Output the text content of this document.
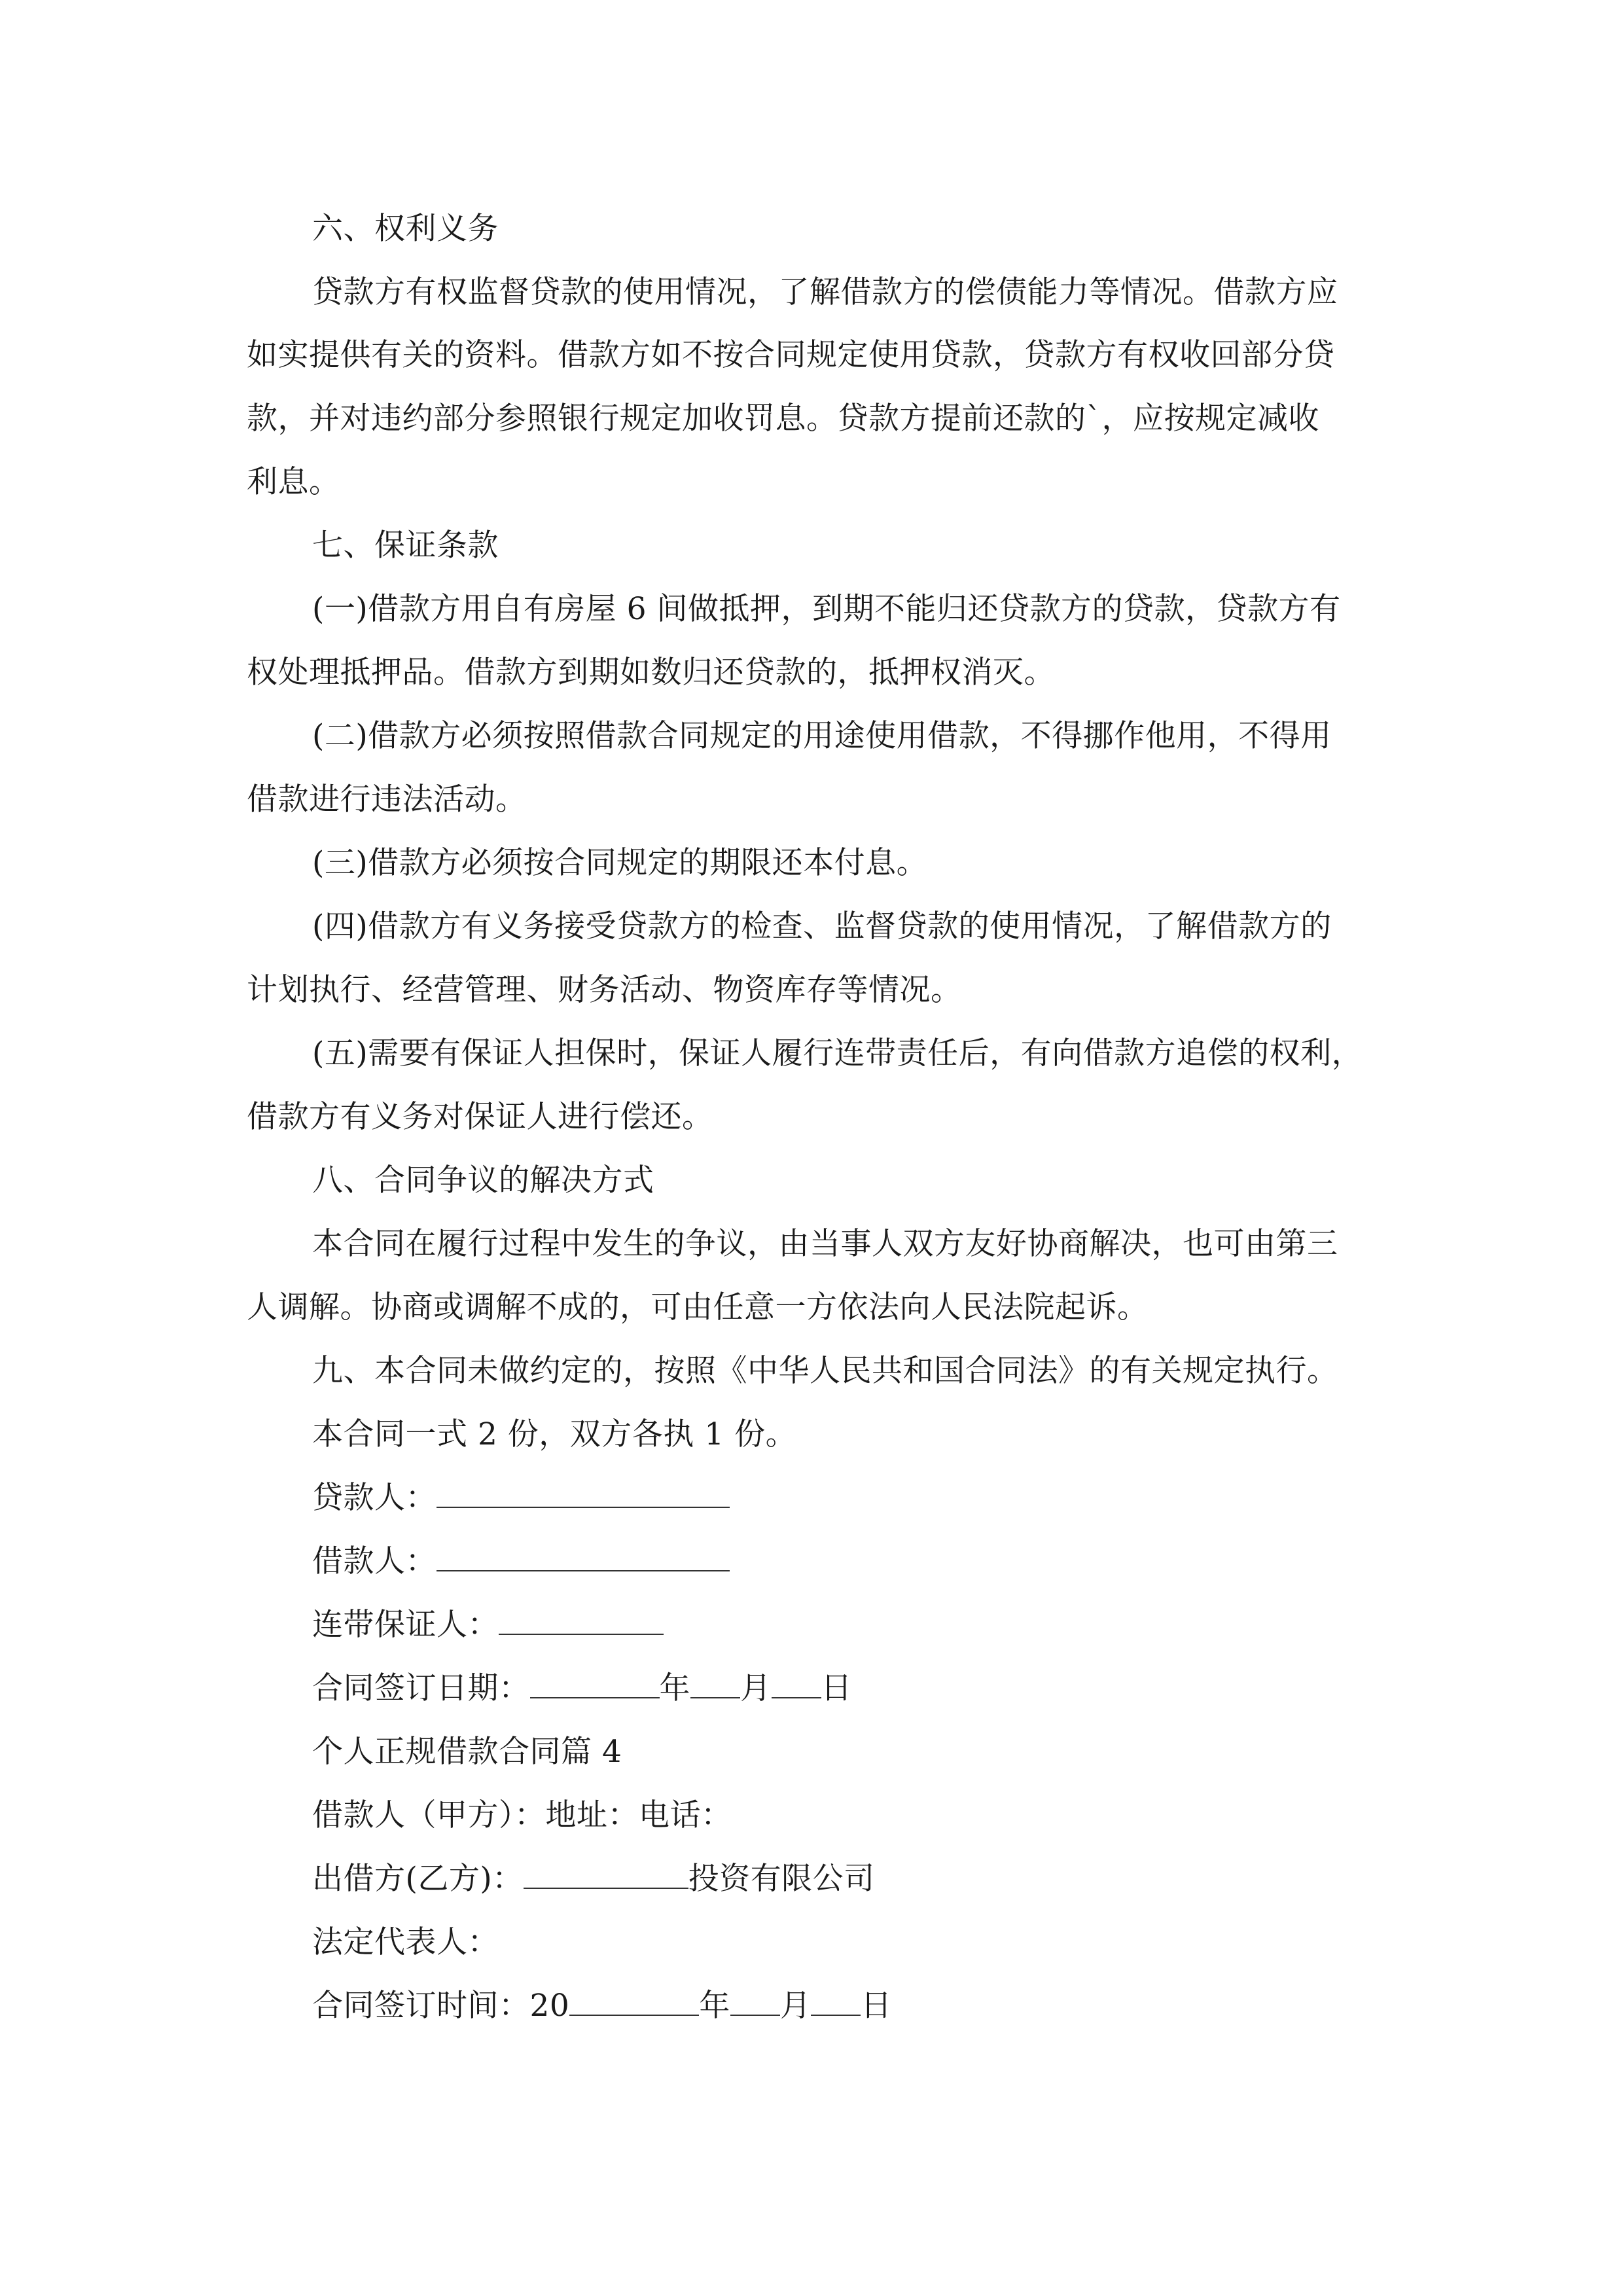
六、权利义务
贷款方有权监督贷款的使用情况，了解借款方的偿债能力等情况。借款方应
如实提供有关的资料。借款方如不按合同规定使用贷款，贷款方有权收回部分贷
款，并对违约部分参照银行规定加收罚息。贷款方提前还款的`，应按规定减收
利息。
七、保证条款
(一)借款方用自有房屋 6 间做抵押，到期不能归还贷款方的贷款，贷款方有
权处理抵押品。借款方到期如数归还贷款的，抵押权消灭。
(二)借款方必须按照借款合同规定的用途使用借款，不得挪作他用，不得用
借款进行违法活动。
(三)借款方必须按合同规定的期限还本付息。
(四)借款方有义务接受贷款方的检查、监督贷款的使用情况，了解借款方的
计划执行、经营管理、财务活动、物资库存等情况。
(五)需要有保证人担保时，保证人履行连带责任后，有向借款方追偿的权利，
借款方有义务对保证人进行偿还。
八、合同争议的解决方式
本合同在履行过程中发生的争议，由当事人双方友好协商解决，也可由第三
人调解。协商或调解不成的，可由任意一方依法向人民法院起诉。
九、本合同未做约定的，按照《中华人民共和国合同法》的有关规定执行。
本合同一式 2 份，双方各执 1 份。
贷款人：
借款人：
连带保证人：
合同签订日期：	年 月 日
个人正规借款合同篇 4
借款人（甲方）：地址：电话：
出借方(乙方)：	投资有限公司
法定代表人：
合同签订时间：20	年 月 日
